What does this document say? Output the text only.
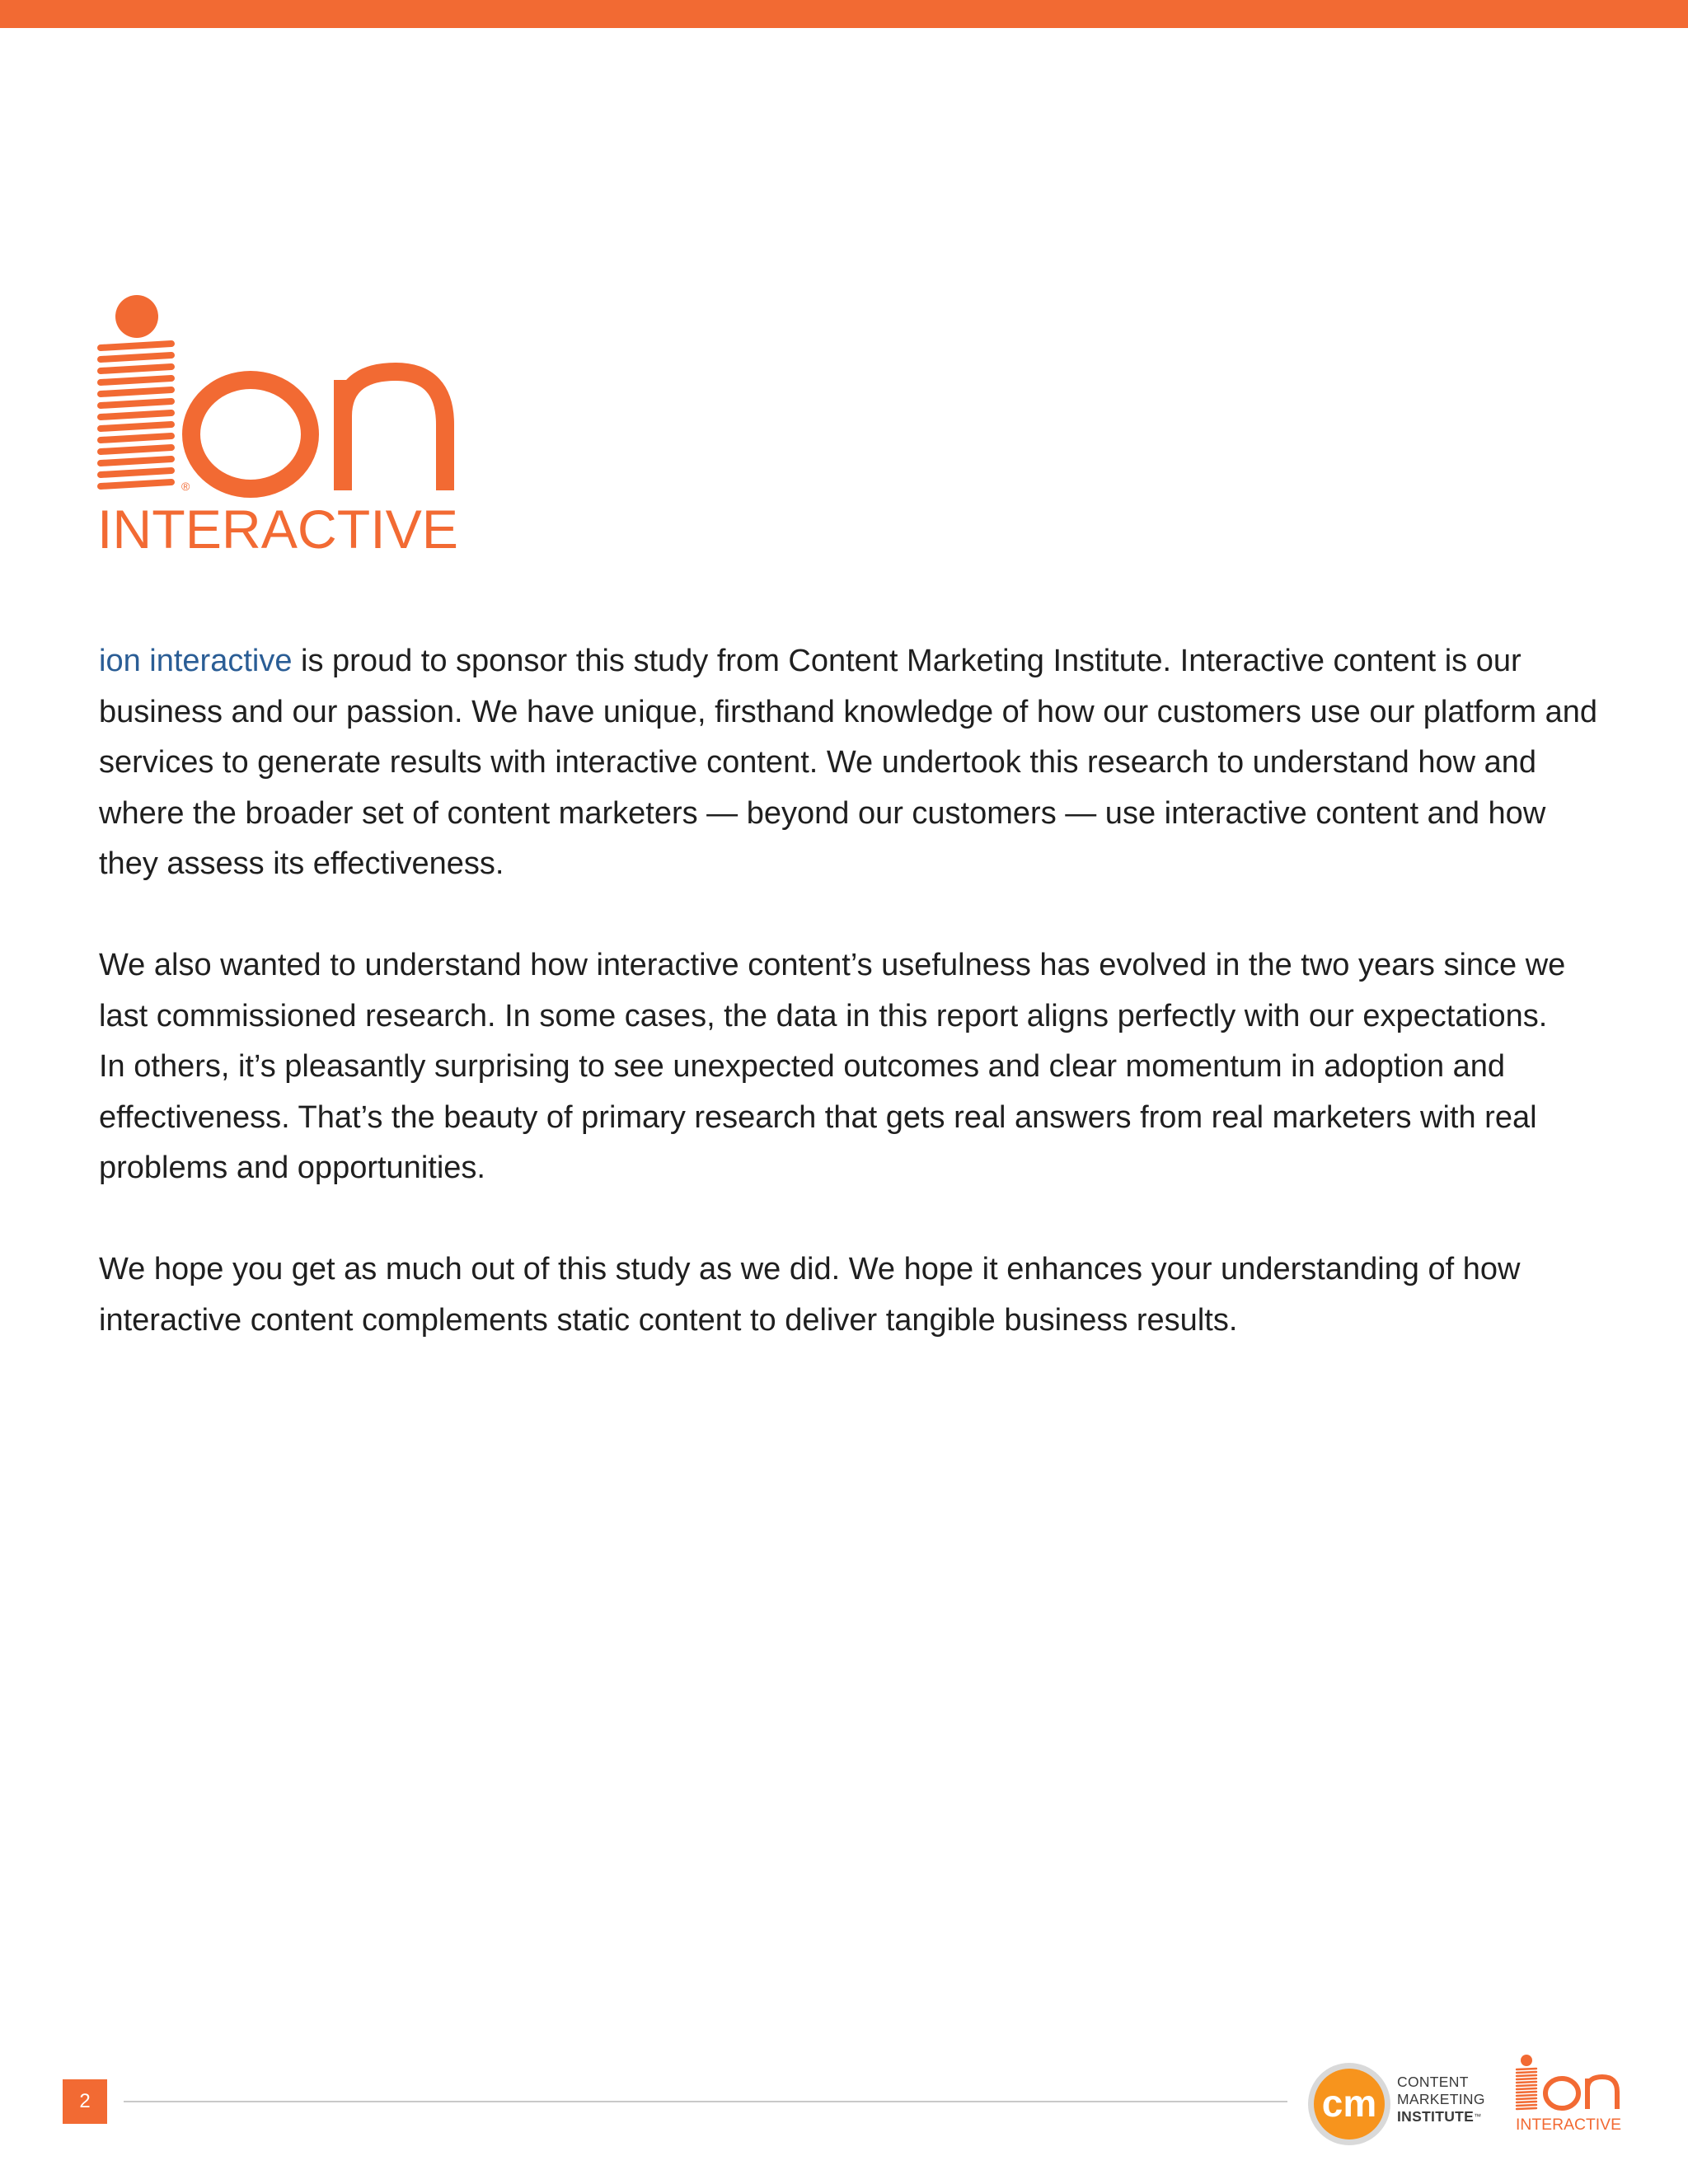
®
INTERACTIVE

ion interactive is proud to sponsor this study from Content Marketing Institute. Interactive content is our
business and our passion. We have unique, firsthand knowledge of how our customers use our platform and
services to generate results with interactive content. We undertook this research to understand how and
where the broader set of content marketers — beyond our customers — use interactive content and how
they assess its effectiveness.

We also wanted to understand how interactive content’s usefulness has evolved in the two years since we
last commissioned research. In some cases, the data in this report aligns perfectly with our expectations.
In others, it’s pleasantly surprising to see unexpected outcomes and clear momentum in adoption and
effectiveness. That’s the beauty of primary research that gets real answers from real marketers with real
problems and opportunities.

We hope you get as much out of this study as we did. We hope it enhances your understanding of how
interactive content complements static content to deliver tangible business results.

2	cm CONTENT
MARKETING
INSTITUTE™ INTERACTIVE
